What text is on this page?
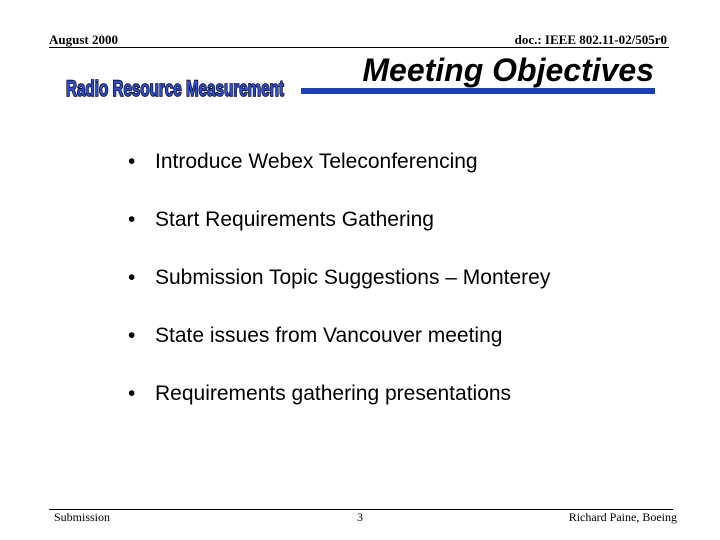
August 2000	doc.: IEEE 802.11-02/505r0
Radio Resource Measurement
Meeting Objectives
• Introduce Webex Teleconferencing
• Start Requirements Gathering
• Submission Topic Suggestions – Monterey
• State issues from Vancouver meeting
• Requirements gathering presentations
Submission	3	Richard Paine, Boeing
